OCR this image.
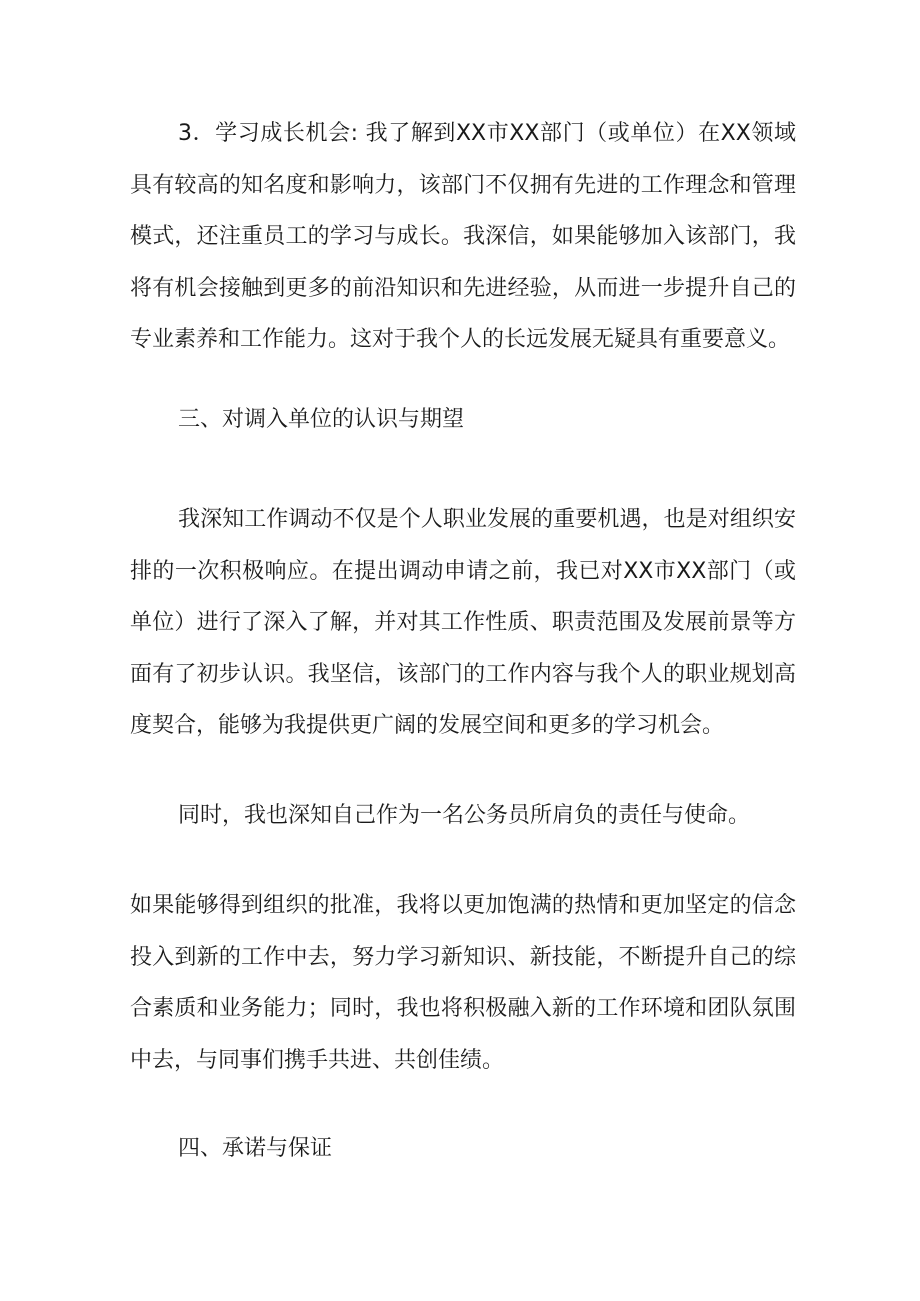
3．学习成长机会: 我了解到XX市XX部门（或单位）在XX领域具有较高的知名度和影响力，该部门不仅拥有先进的工作理念和管理模式，还注重员工的学习与成长。我深信，如果能够加入该部门，我将有机会接触到更多的前沿知识和先进经验，从而进一步提升自己的专业素养和工作能力。这对于我个人的长远发展无疑具有重要意义。

三、对调入单位的认识与期望

我深知工作调动不仅是个人职业发展的重要机遇，也是对组织安排的一次积极响应。在提出调动申请之前，我已对XX市XX部门（或单位）进行了深入了解，并对其工作性质、职责范围及发展前景等方面有了初步认识。我坚信，该部门的工作内容与我个人的职业规划高度契合，能够为我提供更广阔的发展空间和更多的学习机会。

同时，我也深知自己作为一名公务员所肩负的责任与使命。

如果能够得到组织的批准，我将以更加饱满的热情和更加坚定的信念投入到新的工作中去，努力学习新知识、新技能，不断提升自己的综合素质和业务能力；同时，我也将积极融入新的工作环境和团队氛围中去，与同事们携手共进、共创佳绩。

四、承诺与保证
